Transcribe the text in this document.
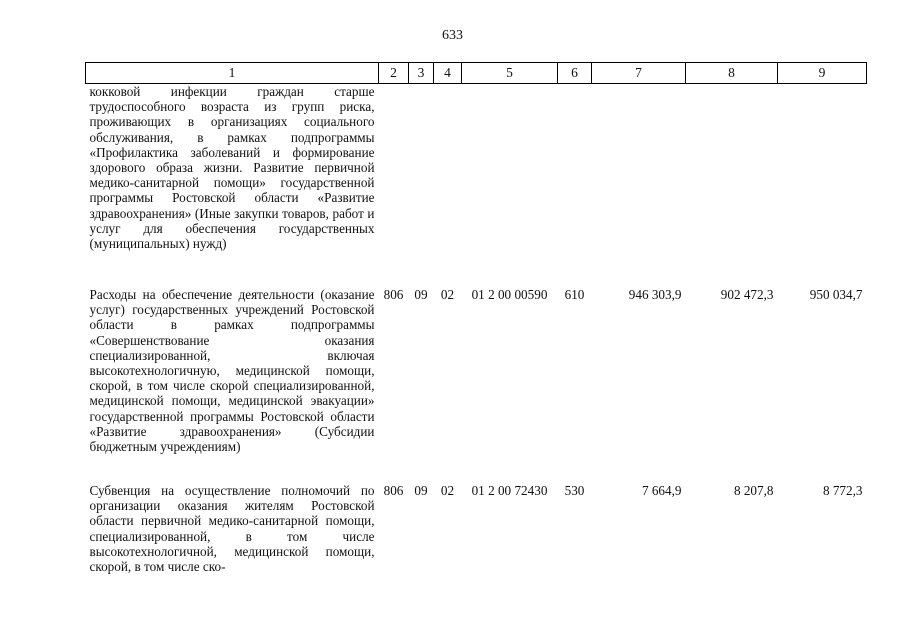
633
1	2	3	4	5	6	7	8	9
кокковой инфекции граждан старше трудоспособного возраста из групп риска, проживающих в организациях социального обслуживания, в рамках подпрограммы «Профилактика заболеваний и формирование здорового образа жизни. Развитие первичной медико-санитарной помощи» государственной программы Ростовской области «Развитие здравоохранения» (Иные закупки товаров, работ и услуг для обеспечения государственных (муниципальных) нужд)								
Расходы на обеспечение деятельности (оказание услуг) государственных учреждений Ростовской области в рамках подпрограммы «Совершенствование оказания специализированной, включая высокотехнологичную, медицинской помощи, скорой, в том числе скорой специализированной, медицинской помощи, медицинской эвакуации» государственной программы Ростовской области «Развитие здравоохранения» (Субсидии бюджетным учреждениям)	806	09	02	01 2 00 00590	610	946 303,9	902 472,3	950 034,7
Субвенция на осуществление полномочий по организации оказания жителям Ростовской области первичной медико-санитарной помощи, специализированной, в том числе высокотехнологичной, медицинской помощи, скорой, в том числе ско-	806	09	02	01 2 00 72430	530	7 664,9	8 207,8	8 772,3
